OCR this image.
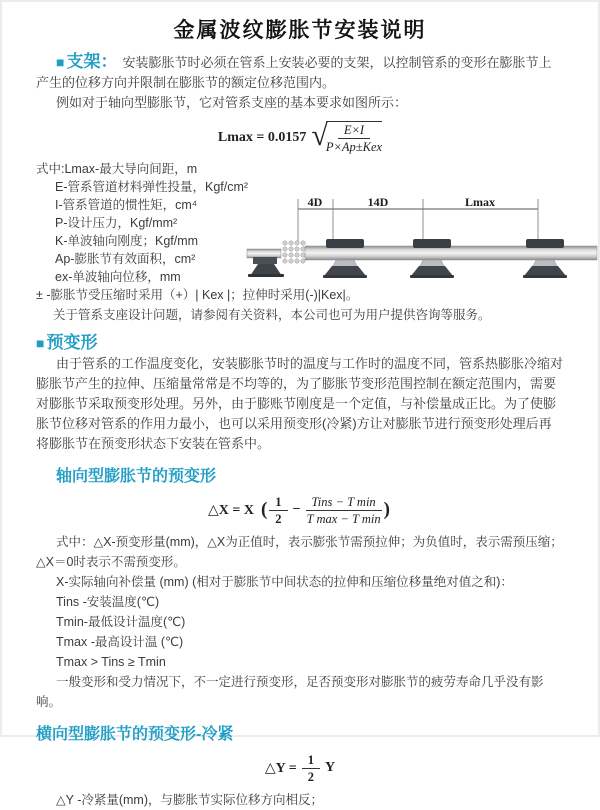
金属波纹膨胀节安装说明

■ 支架： 安装膨胀节时必须在管系上安装必要的支架，以控制管系的变形在膨胀节上产生的位移方向并限制在膨胀节的额定位移范围内。

例如对于轴向型膨胀节，它对管系支座的基本要求如图所示：

Lmax = 0.0157 √
$\frac{E\times I}{\text{P×Ap±Kex}}$
式中:Lmax-最大导向间距，m
E-管系管道材料弹性投量，Kgf/cm²
I-管系管道的惯性矩，cm⁴
P-设计压力，Kgf/mm²
K-单波轴向刚度；Kgf/mm
Ap-膨胀节有效面积，cm²
ex-单波轴向位移，mm
± -膨胀节受压缩时采用（+）| Kex |；拉伸时采用(-)|Kex|。
关于管系支座设计问题，请参阅有关资料，本公司也可为用户提供咨询等服务。

■ 预变形

由于管系的工作温度变化，安装膨胀节时的温度与工作时的温度不同，管系热膨胀冷缩对膨胀节产生的拉伸、压缩量常常是不均等的，为了膨胀节变形范围控制在额定范围内，需要对膨胀节采取预变形处理。另外，由于膨账节刚度是一个定值，与补偿量成正比。为了使膨胀节位移对管系的作用力最小，也可以采用预变形(冷紧)方让对膨胀节进行预变形处理后再将膨胀节在预变形状态下安装在管系中。

轴向型膨胀节的预变形
△X = X ( $\frac{1}{2} - \frac{\text{Tins − T min}}{\text{T max − T min}}$ )

式中：△X-预变形量(mm)，△X为正值时，表示膨张节需预拉伸；为负值时，表示需预压缩；△X＝0时表示不需预变形。

X-实际轴向补偿量 (mm) (相对于膨胀节中间状态的拉伸和压缩位移量绝对值之和)：
Tins -安装温度(℃)
Tmin-最低设计温度(℃)
Tmax -最高设计温 (℃)
Tmax > Tins ≥ Tmin

一般变形和受力情况下，不一定进行预变形，足否预变形对膨胀节的疲劳寿命几乎没有影响。

横向型膨胀节的预变形-冷紧
△Y = $\frac{1}{2}$ Y

△Y -冷紧量(mm)，与膨胀节实际位移方向相反；

4D	14D	Lmax
